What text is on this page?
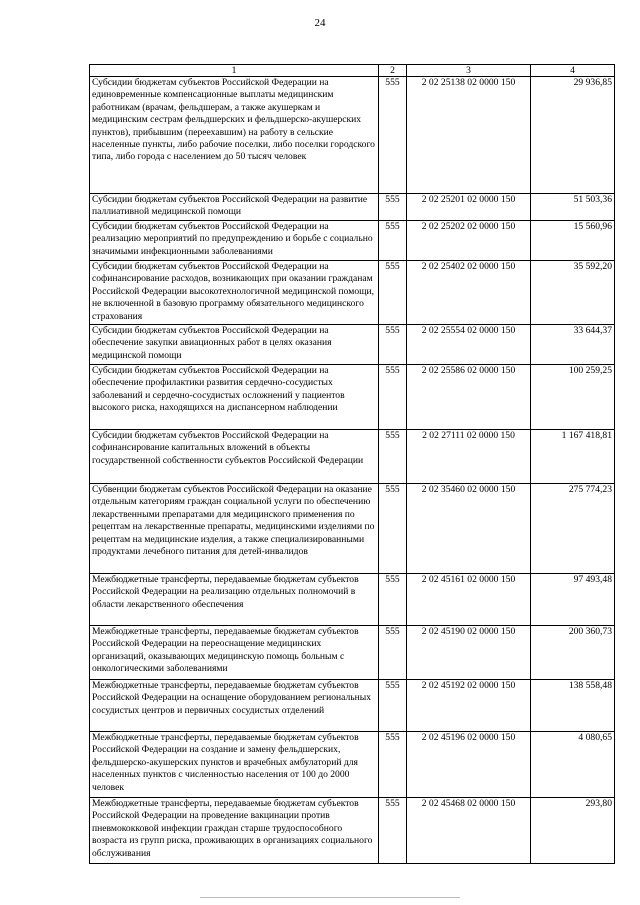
24
1	2	3	4
Субсидии бюджетам субъектов Российской Федерации на единовременные компенсационные выплаты медицинским работникам (врачам, фельдшерам, а также акушеркам и медицинским сестрам фельдшерских и фельдшерско-акушерских пунктов), прибывшим (переехавшим) на работу в сельские населенные пункты, либо рабочие поселки, либо поселки городского типа, либо города с населением до 50 тысяч человек	555	2 02 25138 02 0000 150	29 936,85
Субсидии бюджетам субъектов Российской Федерации на развитие паллиативной медицинской помощи	555	2 02 25201 02 0000 150	51 503,36
Субсидии бюджетам субъектов Российской Федерации на реализацию мероприятий по предупреждению и борьбе с социально значимыми инфекционными заболеваниями	555	2 02 25202 02 0000 150	15 560,96
Субсидии бюджетам субъектов Российской Федерации на софинансирование расходов, возникающих при оказании гражданам Российской Федерации высокотехнологичной медицинской помощи, не включенной в базовую программу обязательного медицинского страхования	555	2 02 25402 02 0000 150	35 592,20
Субсидии бюджетам субъектов Российской Федерации на обеспечение закупки авиационных работ в целях оказания медицинской помощи	555	2 02 25554 02 0000 150	33 644,37
Субсидии бюджетам субъектов Российской Федерации на обеспечение профилактики развития сердечно-сосудистых заболеваний и сердечно-сосудистых осложнений у пациентов высокого риска, находящихся на диспансерном наблюдении	555	2 02 25586 02 0000 150	100 259,25
Субсидии бюджетам субъектов Российской Федерации на софинансирование капитальных вложений в объекты государственной собственности субъектов Российской Федерации	555	2 02 27111 02 0000 150	1 167 418,81
Субвенции бюджетам субъектов Российской Федерации на оказание отдельным категориям граждан социальной услуги по обеспечению лекарственными препаратами для медицинского применения по рецептам на лекарственные препараты, медицинскими изделиями по рецептам на медицинские изделия, а также специализированными продуктами лечебного питания для детей-инвалидов	555	2 02 35460 02 0000 150	275 774,23
Межбюджетные трансферты, передаваемые бюджетам субъектов Российской Федерации на реализацию отдельных полномочий в области лекарственного обеспечения	555	2 02 45161 02 0000 150	97 493,48
Межбюджетные трансферты, передаваемые бюджетам субъектов Российской Федерации на переоснащение медицинских организаций, оказывающих медицинскую помощь больным с онкологическими заболеваниями	555	2 02 45190 02 0000 150	200 360,73
Межбюджетные трансферты, передаваемые бюджетам субъектов Российской Федерации на оснащение оборудованием региональных сосудистых центров и первичных сосудистых отделений	555	2 02 45192 02 0000 150	138 558,48
Межбюджетные трансферты, передаваемые бюджетам субъектов Российской Федерации на создание и замену фельдшерских, фельдшерско-акушерских пунктов и врачебных амбулаторий для населенных пунктов с численностью населения от 100 до 2000 человек	555	2 02 45196 02 0000 150	4 080,65
Межбюджетные трансферты, передаваемые бюджетам субъектов Российской Федерации на проведение вакцинации против пневмококковой инфекции граждан старше трудоспособного возраста из групп риска, проживающих в организациях социального обслуживания	555	2 02 45468 02 0000 150	293,80
